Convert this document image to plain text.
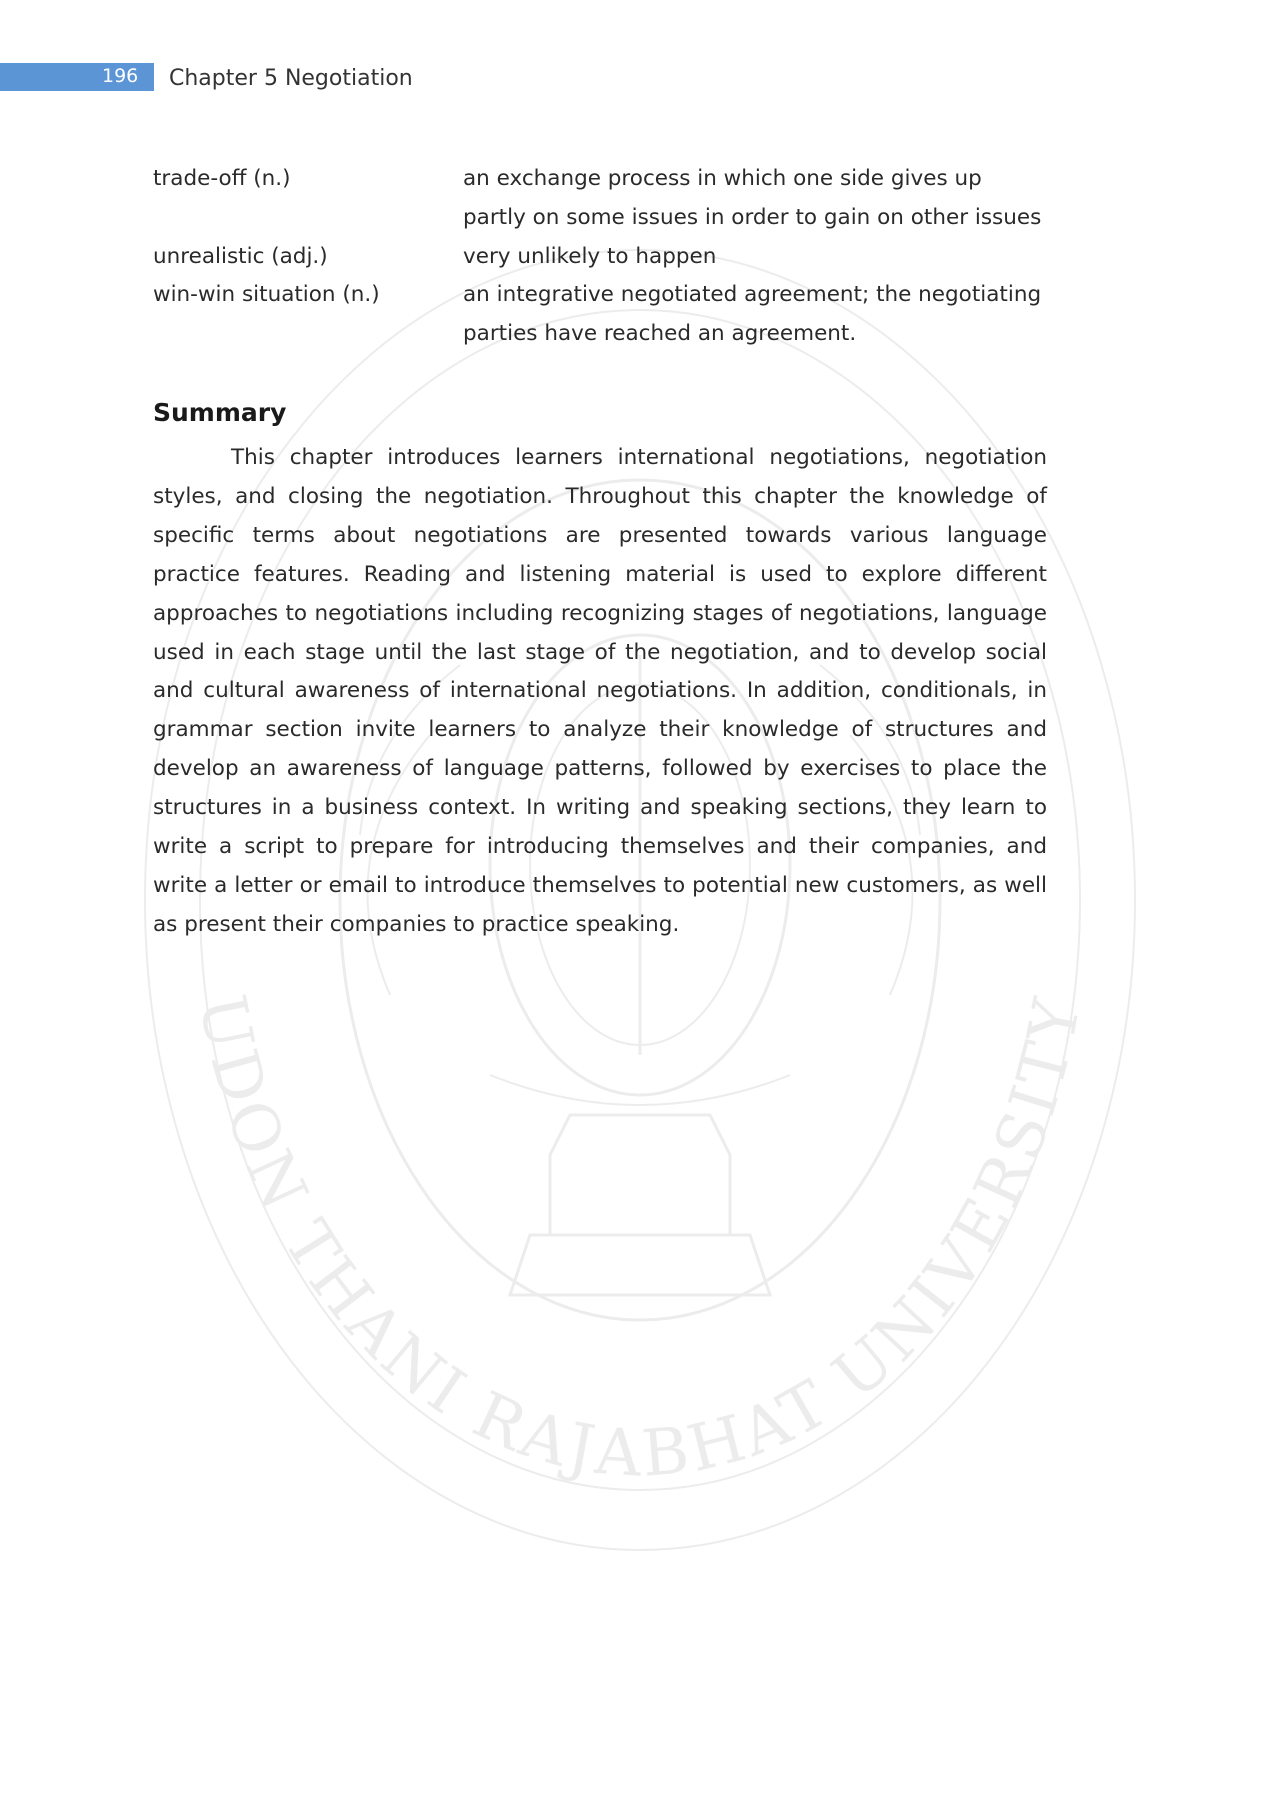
UDON THANI RAJABHAT UNIVERSITY
196 Chapter 5 Negotiation
trade-off (n.)	an exchange process in which one side gives up partly on some issues in order to gain on other issues
unrealistic (adj.)	very unlikely to happen
win-win situation (n.)	an integrative negotiated agreement; the negotiating parties have reached an agreement.
Summary

This chapter introduces learners international negotiations, negotiation styles, and closing the negotiation. Throughout this chapter the knowledge of specific terms about negotiations are presented towards various language practice features. Reading and listening material is used to explore different approaches to negotiations including recognizing stages of negotiations, language used in each stage until the last stage of the negotiation, and to develop social and cultural awareness of international negotiations. In addition, conditionals, in grammar section invite learners to analyze their knowledge of structures and develop an awareness of language patterns, followed by exercises to place the structures in a business context. In writing and speaking sections, they learn to write a script to prepare for introducing themselves and their companies, and write a letter or email to introduce themselves to potential new customers, as well as present their companies to practice speaking.
